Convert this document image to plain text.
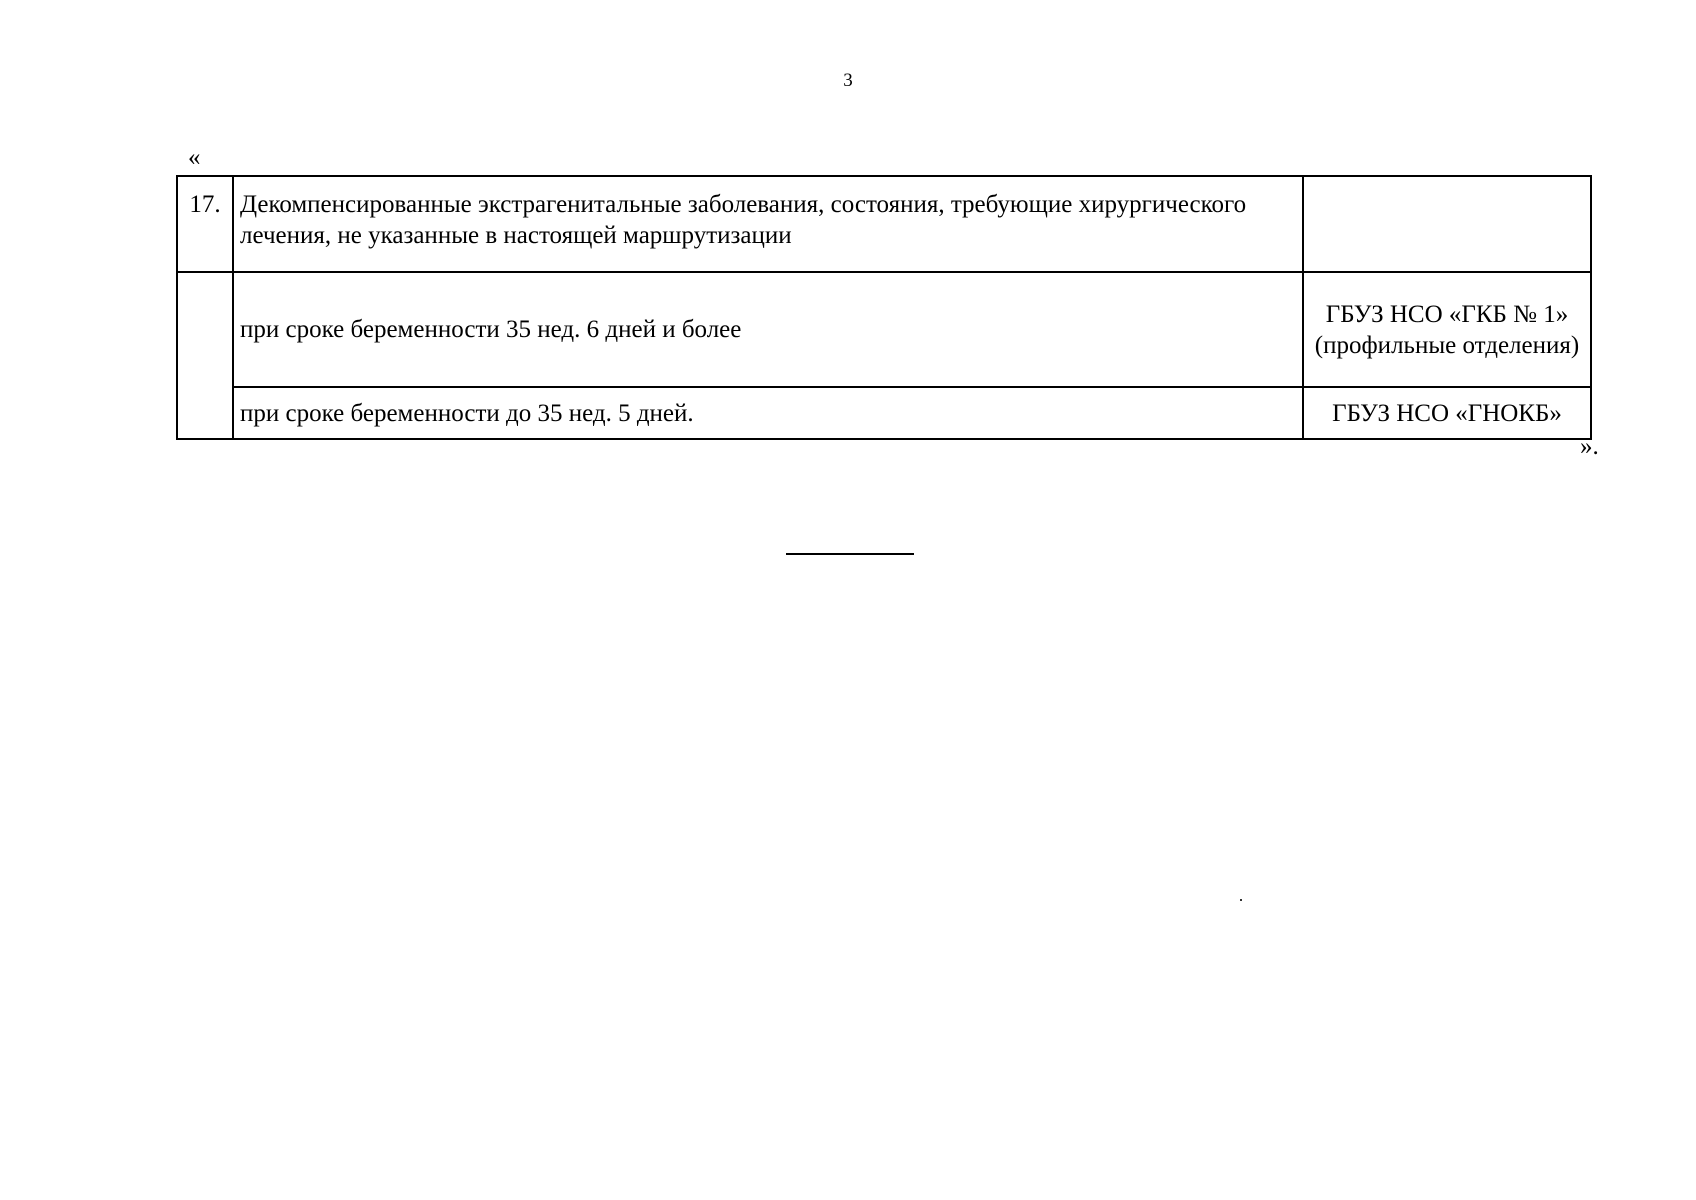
3
«
17.	Декомпенсированные экстрагенитальные заболевания, состояния, требующие хирургического лечения, не указанные в настоящей маршрутизации	
	при сроке беременности 35 нед. 6 дней и более	ГБУЗ НСО «ГКБ № 1» (профильные отделения)
	при сроке беременности до 35 нед. 5 дней.	ГБУЗ НСО «ГНОКБ»
».
